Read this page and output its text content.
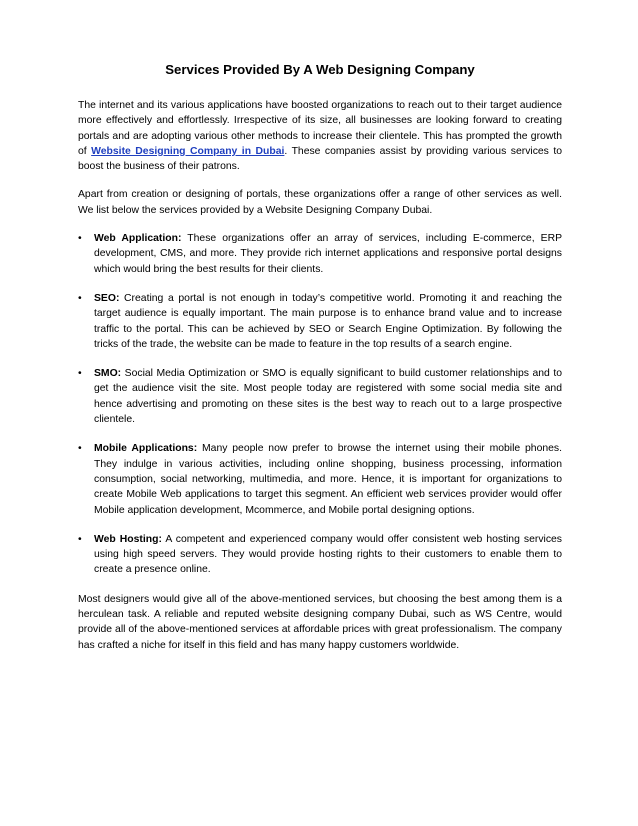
Services Provided By A Web Designing Company

The internet and its various applications have boosted organizations to reach out to their target audience more effectively and effortlessly. Irrespective of its size, all businesses are looking forward to creating portals and are adopting various other methods to increase their clientele. This has prompted the growth of Website Designing Company in Dubai. These companies assist by providing various services to boost the business of their patrons.

Apart from creation or designing of portals, these organizations offer a range of other services as well. We list below the services provided by a Website Designing Company Dubai.

• Web Application: These organizations offer an array of services, including E-commerce, ERP development, CMS, and more. They provide rich internet applications and responsive portal designs which would bring the best results for their clients.
• SEO: Creating a portal is not enough in today’s competitive world. Promoting it and reaching the target audience is equally important. The main purpose is to enhance brand value and to increase traffic to the portal. This can be achieved by SEO or Search Engine Optimization. By following the tricks of the trade, the website can be made to feature in the top results of a search engine.
• SMO: Social Media Optimization or SMO is equally significant to build customer relationships and to get the audience visit the site. Most people today are registered with some social media site and hence advertising and promoting on these sites is the best way to reach out to a large prospective clientele.
• Mobile Applications: Many people now prefer to browse the internet using their mobile phones. They indulge in various activities, including online shopping, business processing, information consumption, social networking, multimedia, and more. Hence, it is important for organizations to create Mobile Web applications to target this segment. An efficient web services provider would offer Mobile application development, Mcommerce, and Mobile portal designing options.
• Web Hosting: A competent and experienced company would offer consistent web hosting services using high speed servers. They would provide hosting rights to their customers to enable them to create a presence online.

Most designers would give all of the above-mentioned services, but choosing the best among them is a herculean task. A reliable and reputed website designing company Dubai, such as WS Centre, would provide all of the above-mentioned services at affordable prices with great professionalism. The company has crafted a niche for itself in this field and has many happy customers worldwide.
